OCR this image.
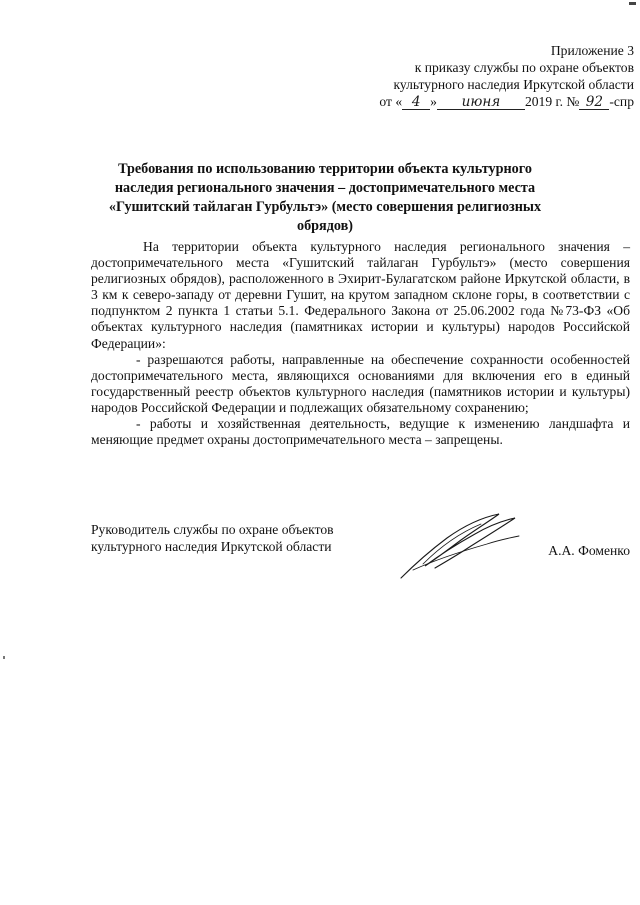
Приложение 3
к приказу службы по охране объектов
культурного наследия Иркутской области
от « 4 » июня 2019 г. № 92 -спр
Требования по использованию территории объекта культурного наследия регионального значения – достопримечательного места «Гушитский тайлаган Гурбультэ» (место совершения религиозных обрядов)

На территории объекта культурного наследия регионального значения – достопримечательного места «Гушитский тайлаган Гурбультэ» (место совершения религиозных обрядов), расположенного в Эхирит-Булагатском районе Иркутской области, в 3 км к северо-западу от деревни Гушит, на крутом западном склоне горы, в соответствии с подпунктом 2 пункта 1 статьи 5.1. Федерального Закона от 25.06.2002 года №73-ФЗ «Об объектах культурного наследия (памятниках истории и культуры) народов Российской Федерации»:

- разрешаются работы, направленные на обеспечение сохранности особенностей достопримечательного места, являющихся основаниями для включения его в единый государственный реестр объектов культурного наследия (памятников истории и культуры) народов Российской Федерации и подлежащих обязательному сохранению;

- работы и хозяйственная деятельность, ведущие к изменению ландшафта и меняющие предмет охраны достопримечательного места – запрещены.

Руководитель службы по охране объектов
культурного наследия Иркутской области	А.А. Фоменко
